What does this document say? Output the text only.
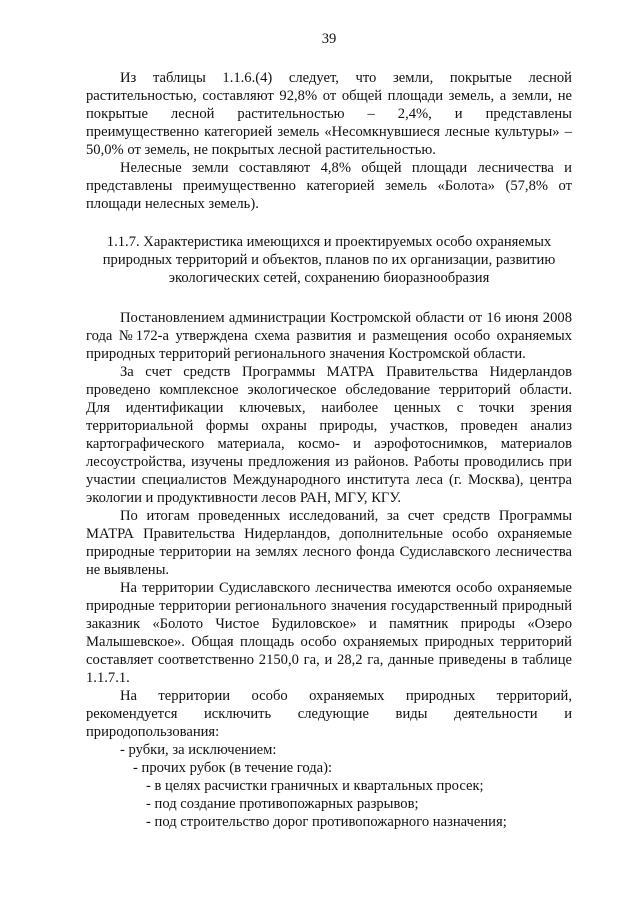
39

Из таблицы 1.1.6.(4) следует, что земли, покрытые лесной растительностью, составляют 92,8% от общей площади земель, а земли, не покрытые лесной растительностью – 2,4%, и представлены преимущественно категорией земель «Несомкнувшиеся лесные культуры» – 50,0% от земель, не покрытых лесной растительностью.

Нелесные земли составляют 4,8% общей площади лесничества и представлены преимущественно категорией земель «Болота» (57,8% от площади нелесных земель).

1.1.7. Характеристика имеющихся и проектируемых особо охраняемых природных территорий и объектов, планов по их организации, развитию экологических сетей, сохранению биоразнообразия

Постановлением администрации Костромской области от 16 июня 2008 года №172-а утверждена схема развития и размещения особо охраняемых природных территорий регионального значения Костромской области.

За счет средств Программы МАТРА Правительства Нидерландов проведено комплексное экологическое обследование территорий области. Для идентификации ключевых, наиболее ценных с точки зрения территориальной формы охраны природы, участков, проведен анализ картографического материала, космо- и аэрофотоснимков, материалов лесоустройства, изучены предложения из районов. Работы проводились при участии специалистов Международного института леса (г. Москва), центра экологии и продуктивности лесов РАН, МГУ, КГУ.

По итогам проведенных исследований, за счет средств Программы МАТРА Правительства Нидерландов, дополнительные особо охраняемые природные территории на землях лесного фонда Судиславского лесничества не выявлены.

На территории Судиславского лесничества имеются особо охраняемые природные территории регионального значения государственный природный заказник «Болото Чистое Будиловское» и памятник природы «Озеро Малышевское». Общая площадь особо охраняемых природных территорий составляет соответственно 2150,0 га, и 28,2 га, данные приведены в таблице 1.1.7.1.

На территории особо охраняемых природных территорий, рекомендуется исключить следующие виды деятельности и природопользования:

- рубки, за исключением:
- прочих рубок (в течение года):
- в целях расчистки граничных и квартальных просек;
- под создание противопожарных разрывов;
- под строительство дорог противопожарного назначения;
